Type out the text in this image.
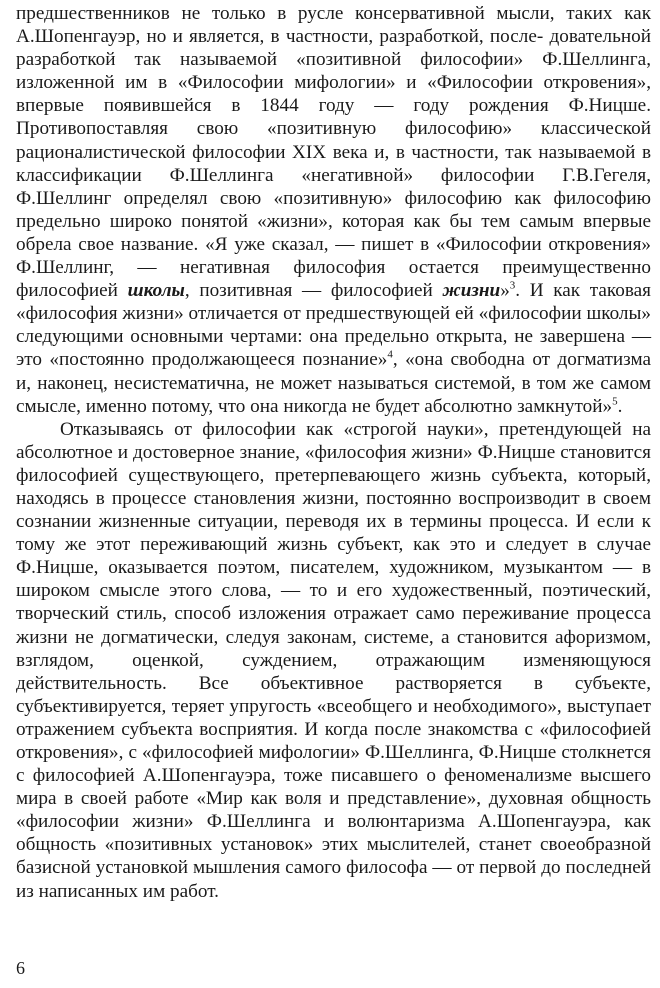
предшественников не только в русле консервативной мысли, таких как А.Шопенгауэр, но и является, в частности, разработкой, после- довательной разработкой так называемой «позитивной философии» Ф.Шеллинга, изложенной им в «Философии мифологии» и «Философии откровения», впервые появившейся в 1844 году — году рождения Ф.Ницше. Противопоставляя свою «позитивную философию» классической рационалистической философии XIX века и, в частности, так называемой в классификации Ф.Шеллинга «негативной» философии Г.В.Гегеля, Ф.Шеллинг определял свою «позитивную» философию как философию предельно широко понятой «жизни», которая как бы тем самым впервые обрела свое название. «Я уже сказал, — пишет в «Философии откровения» Ф.Шеллинг, — негативная философия остается преимущественно философией школы, позитивная — философией жизни»$^3$. И как таковая «философия жизни» отличается от предшествующей ей «философии школы» следующими основными чертами: она предельно открыта, не завершена — это «постоянно продолжающееся познание»$^4$, «она свободна от догматизма и, наконец, несистематична, не может называться системой, в том же самом смысле, именно потому, что она никогда не будет абсолютно замкнутой»$^5$.

Отказываясь от философии как «строгой науки», претендующей на абсолютное и достоверное знание, «философия жизни» Ф.Ницше становится философией существующего, претерпевающего жизнь субъекта, который, находясь в процессе становления жизни, постоянно воспроизводит в своем сознании жизненные ситуации, переводя их в термины процесса. И если к тому же этот переживающий жизнь субъект, как это и следует в случае Ф.Ницше, оказывается поэтом, писателем, художником, музыкантом — в широком смысле этого слова, — то и его художественный, поэтический, творческий стиль, способ изложения отражает само переживание процесса жизни не догматически, следуя законам, системе, а становится афоризмом, взглядом, оценкой, суждением, отражающим изменяющуюся действительность. Все объективное растворяется в субъекте, субъективируется, теряет упругость «всеобщего и необходимого», выступает отражением субъекта восприятия. И когда после знакомства с «философией откровения», с «философией мифологии» Ф.Шеллинга, Ф.Ницше столкнется с философией А.Шопенгауэра, тоже писавшего о феноменализме высшего мира в своей работе «Мир как воля и представление», духовная общность «философии жизни» Ф.Шеллинга и волюнтаризма А.Шопенгауэра, как общность «позитивных установок» этих мыслителей, станет своеобразной базисной установкой мышления самого философа — от первой до последней из написанных им работ.

6
